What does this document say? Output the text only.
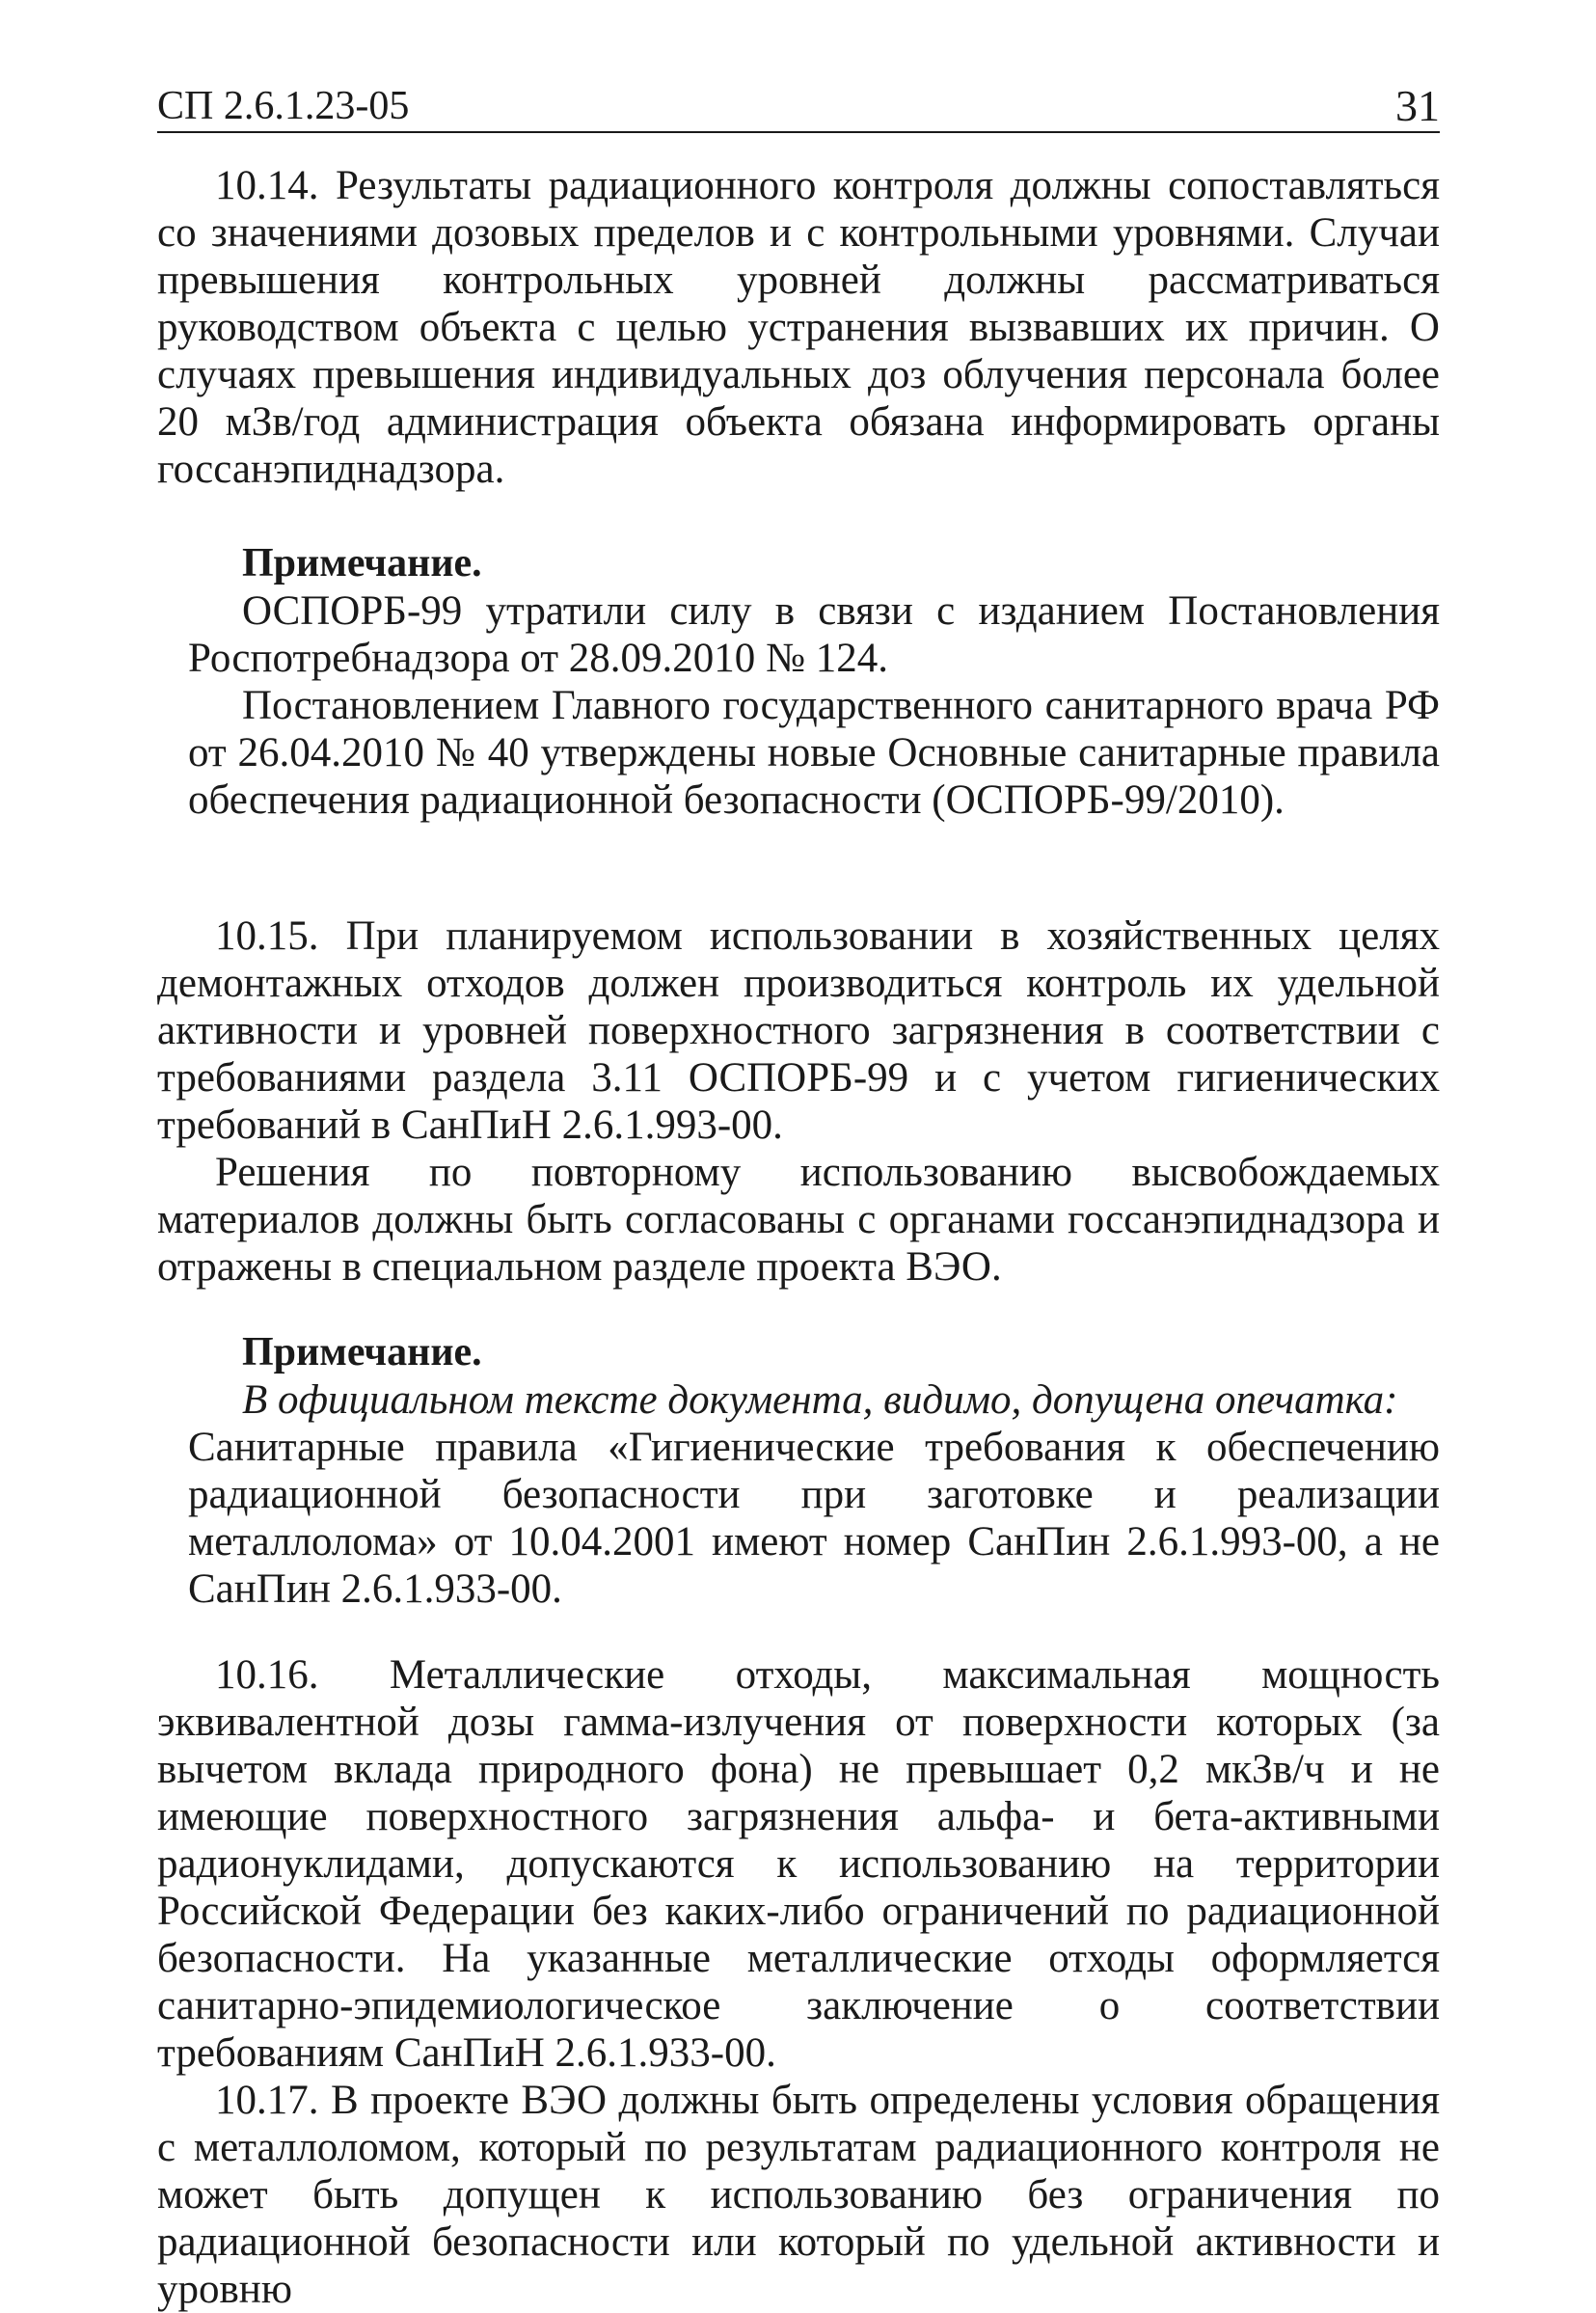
СП 2.6.1.23-05	31

10.14. Результаты радиационного контроля должны сопоставляться со значениями дозовых пределов и с контрольными уровнями. Случаи превышения контрольных уровней должны рассматриваться руководством объекта с целью устранения вызвавших их причин. О случаях превышения индивидуальных доз облучения персонала более 20 мЗв/год администрация объекта обязана информировать органы госсанэпиднадзора.

Примечание.

ОСПОРБ-99 утратили силу в связи с изданием Постановления Роспотребнадзора от 28.09.2010 № 124.

Постановлением Главного государственного санитарного врача РФ от 26.04.2010 № 40 утверждены новые Основные санитарные правила обеспечения радиационной безопасности (ОСПОРБ-99/2010).

10.15. При планируемом использовании в хозяйственных целях демонтажных отходов должен производиться контроль их удельной активности и уровней поверхностного загрязнения в соответствии с требованиями раздела 3.11 ОСПОРБ-99 и с учетом гигиенических требований в СанПиН 2.6.1.993-00.

Решения по повторному использованию высвобождаемых материалов должны быть согласованы с органами госсанэпиднадзора и отражены в специальном разделе проекта ВЭО.

Примечание.

В официальном тексте документа, видимо, допущена опечатка:

Санитарные правила «Гигиенические требования к обеспечению радиационной безопасности при заготовке и реализации металлолома» от 10.04.2001 имеют номер СанПин 2.6.1.993-00, а не СанПин 2.6.1.933-00.

10.16. Металлические отходы, максимальная мощность эквивалентной дозы гамма-излучения от поверхности которых (за вычетом вклада природного фона) не превышает 0,2 мкЗв/ч и не имеющие поверхностного загрязнения альфа- и бета-активными радионуклидами, допускаются к использованию на территории Российской Федерации без каких-либо ограничений по радиационной безопасности. На указанные металлические отходы оформляется санитарно-эпидемиологическое заключение о соответствии требованиям СанПиН 2.6.1.933-00.

10.17. В проекте ВЭО должны быть определены условия обращения с металлоломом, который по результатам радиационного контроля не может быть допущен к использованию без ограничения по радиационной безопасности или который по удельной активности и уровню
